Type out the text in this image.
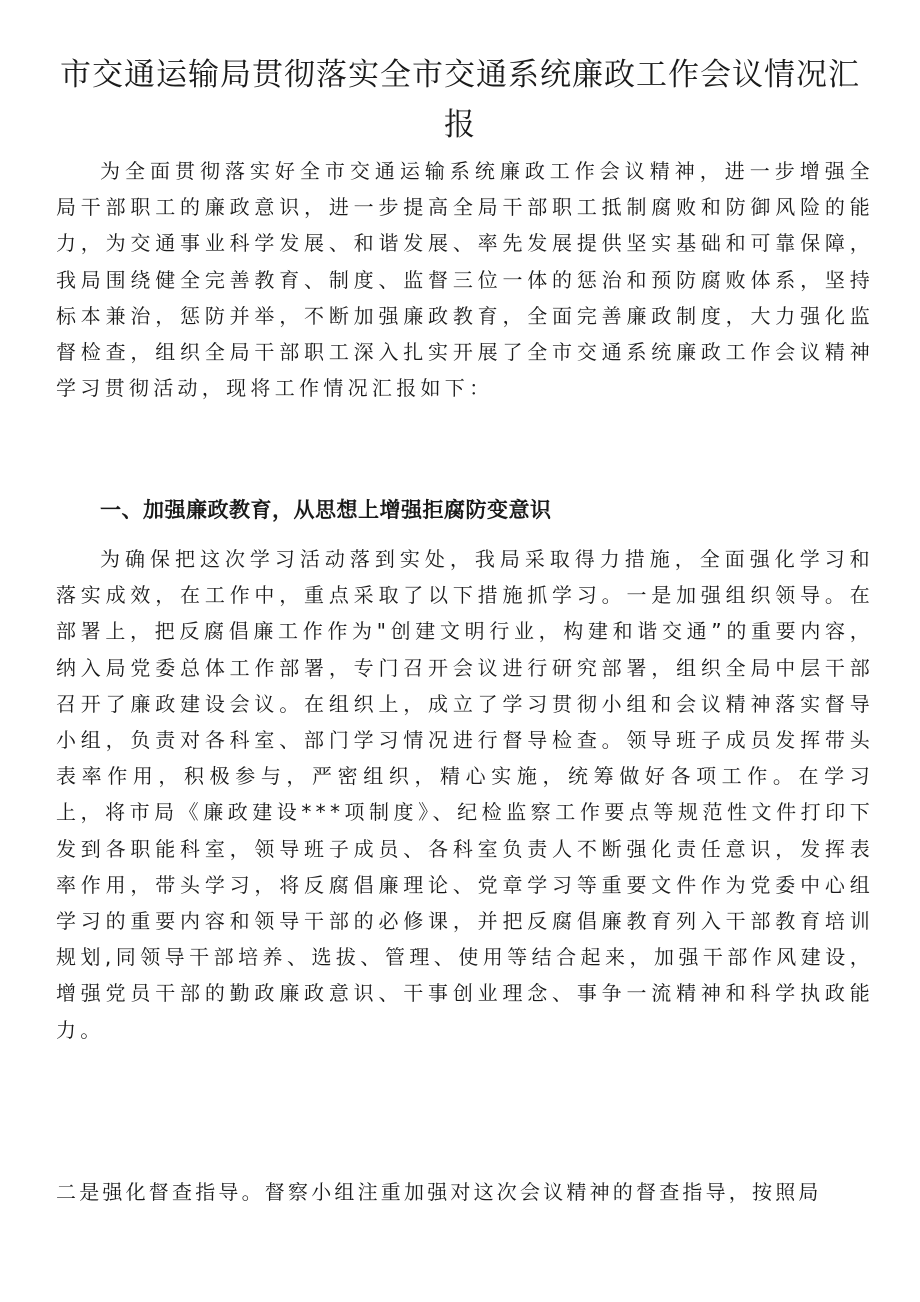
市交通运输局贯彻落实全市交通系统廉政工作会议情况汇报

为全面贯彻落实好全市交通运输系统廉政工作会议精神，进一步增强全局干部职工的廉政意识，进一步提高全局干部职工抵制腐败和防御风险的能力，为交通事业科学发展、和谐发展、率先发展提供坚实基础和可靠保障，我局围绕健全完善教育、制度、监督三位一体的惩治和预防腐败体系，坚持标本兼治，惩防并举，不断加强廉政教育，全面完善廉政制度，大力强化监督检查，组织全局干部职工深入扎实开展了全市交通系统廉政工作会议精神学习贯彻活动，现将工作情况汇报如下：

一、加强廉政教育，从思想上增强拒腐防变意识

为确保把这次学习活动落到实处，我局采取得力措施，全面强化学习和落实成效，在工作中，重点采取了以下措施抓学习。一是加强组织领导。在部署上，把反腐倡廉工作作为"创建文明行业，构建和谐交通”的重要内容，纳入局党委总体工作部署，专门召开会议进行研究部署，组织全局中层干部召开了廉政建设会议。在组织上，成立了学习贯彻小组和会议精神落实督导小组，负责对各科室、部门学习情况进行督导检查。领导班子成员发挥带头表率作用，积极参与，严密组织，精心实施，统筹做好各项工作。在学习上，将市局《廉政建设***项制度》、纪检监察工作要点等规范性文件打印下发到各职能科室，领导班子成员、各科室负责人不断强化责任意识，发挥表率作用，带头学习，将反腐倡廉理论、党章学习等重要文件作为党委中心组学习的重要内容和领导干部的必修课，并把反腐倡廉教育列入干部教育培训规划,同领导干部培养、选拔、管理、使用等结合起来，加强干部作风建设，增强党员干部的勤政廉政意识、干事创业理念、事争一流精神和科学执政能力。

二是强化督查指导。督察小组注重加强对这次会议精神的督查指导，按照局
